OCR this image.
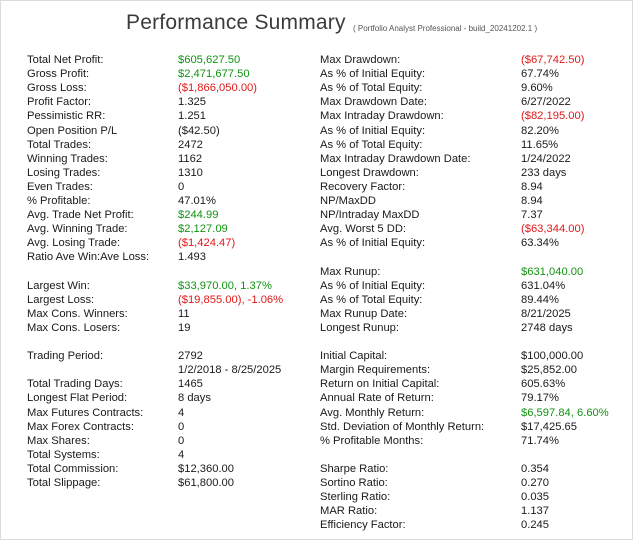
Performance Summary ( Portfolio Analyst Professional - build_20241202.1 )
Total Net Profit:	$605,627.50
Gross Profit:	$2,471,677.50
Gross Loss:	($1,866,050.00)
Profit Factor:	1.325
Pessimistic RR:	1.251
Open Position P/L	($42.50)
Total Trades:	2472
Winning Trades:	1162
Losing Trades:	1310
Even Trades:	0
% Profitable:	47.01%
Avg. Trade Net Profit:	$244.99
Avg. Winning Trade:	$2,127.09
Avg. Losing Trade:	($1,424.47)
Ratio Ave Win:Ave Loss:	1.493
Largest Win:	$33,970.00, 1.37%
Largest Loss:	($19,855.00), -1.06%
Max Cons. Winners:	11
Max Cons. Losers:	19
Trading Period:	2792
1/2/2018 - 8/25/2025
Total Trading Days:	1465
Longest Flat Period:	8 days
Max Futures Contracts:	4
Max Forex Contracts:	0
Max Shares:	0
Total Systems:	4
Total Commission:	$12,360.00
Total Slippage:	$61,800.00
Max Drawdown:	($67,742.50)
As % of Initial Equity:	67.74%
As % of Total Equity:	9.60%
Max Drawdown Date:	6/27/2022
Max Intraday Drawdown:	($82,195.00)
As % of Initial Equity:	82.20%
As % of Total Equity:	11.65%
Max Intraday Drawdown Date:	1/24/2022
Longest Drawdown:	233 days
Recovery Factor:	8.94
NP/MaxDD	8.94
NP/Intraday MaxDD	7.37
Avg. Worst 5 DD:	($63,344.00)
As % of Initial Equity:	63.34%
Max Runup:	$631,040.00
As % of Initial Equity:	631.04%
As % of Total Equity:	89.44%
Max Runup Date:	8/21/2025
Longest Runup:	2748 days
Initial Capital:	$100,000.00
Margin Requirements:	$25,852.00
Return on Initial Capital:	605.63%
Annual Rate of Return:	79.17%
Avg. Monthly Return:	$6,597.84, 6.60%
Std. Deviation of Monthly Return:	$17,425.65
% Profitable Months:	71.74%
Sharpe Ratio:	0.354
Sortino Ratio:	0.270
Sterling Ratio:	0.035
MAR Ratio:	1.137
Efficiency Factor:	0.245
